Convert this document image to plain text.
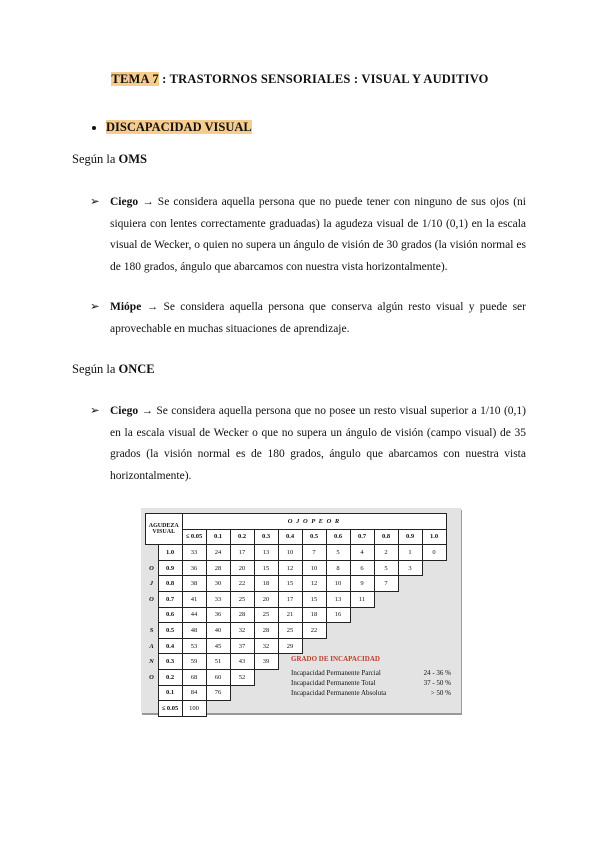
TEMA 7 : TRASTORNOS SENSORIALES : VISUAL Y AUDITIVO
DISCAPACIDAD VISUAL
Según la OMS
➢ Ciego → Se considera aquella persona que no puede tener con ninguno de sus ojos (ni siquiera con lentes correctamente graduadas) la agudeza visual de 1/10 (0,1) en la escala visual de Wecker, o quien no supera un ángulo de visión de 30 grados (la visión normal es de 180 grados, ángulo que abarcamos con nuestra vista horizontalmente).
➢ Miópe → Se considera aquella persona que conserva algún resto visual y puede ser aprovechable en muchas situaciones de aprendizaje.
Según la ONCE
➢ Ciego → Se considera aquella persona que no posee un resto visual superior a 1/10 (0,1) en la escala visual de Wecker o que no supera un ángulo de visión (campo visual) de 35 grados (la visión normal es de 180 grados, ángulo que abarcamos con nuestra vista horizontalmente).
AGUDEZA VISUAL		O J O P E O R										
		≤ 0.05	0.1	0.2	0.3	0.4	0.5	0.6	0.7	0.8	0.9	1.0
	1.0	33	24	17	13	10	7	5	4	2	1	0
O	0.9	36	28	20	15	12	10	8	6	5	3	
J	0.8	38	30	22	18	15	12	10	9	7		
O	0.7	41	33	25	20	17	15	13	11			
	0.6	44	36	28	25	21	18	16				
S	0.5	48	40	32	28	25	22					
A	0.4	53	45	37	32	29						
N	0.3	59	51	43	39							
O	0.2	68	60	52								
	0.1	84	76									
	≤ 0.05	100										
GRADO DE INCAPACIDAD
Incapacidad Permanente Parcial	24 - 36 %
Incapacidad Permanente Total	37 - 50 %
Incapacidad Permanente Absoluta	> 50 %
